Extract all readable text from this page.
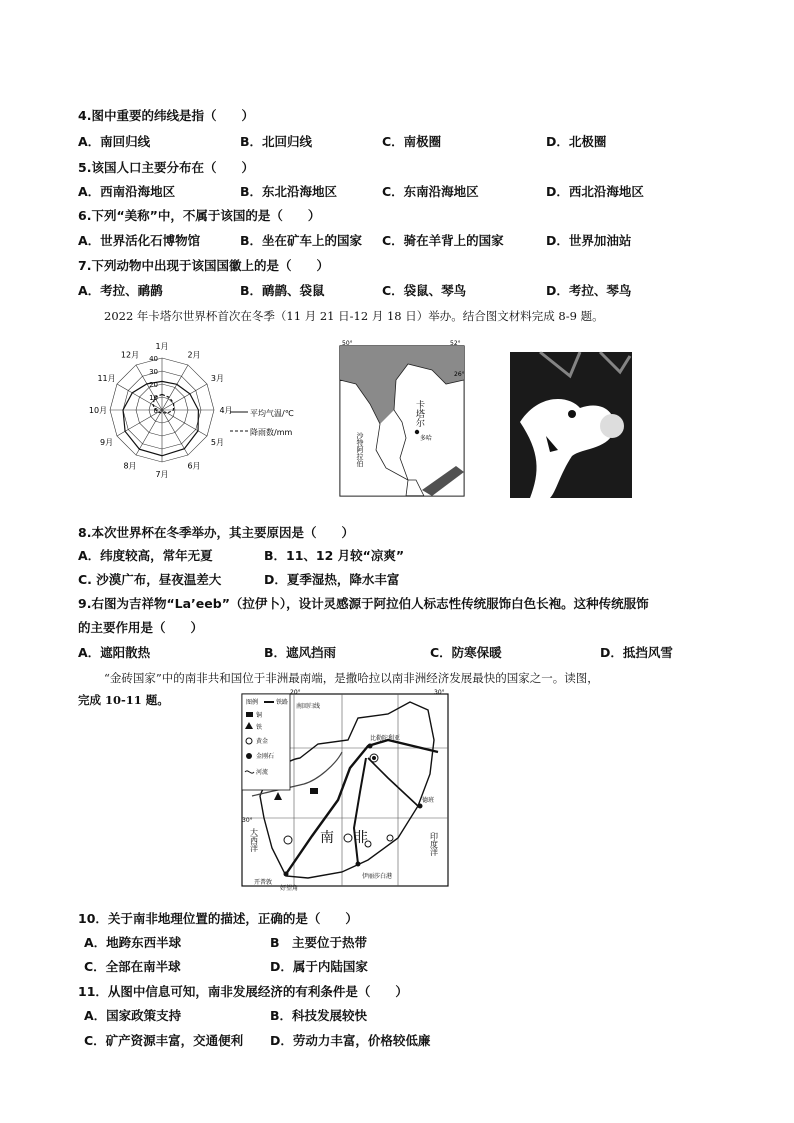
4.图中重要的纬线是指（　　）
A．南回归线	B．北回归线	C．南极圈	D．北极圈
5.该国人口主要分布在（　　）
A．西南沿海地区	B．东北沿海地区	C．东南沿海地区	D．西北沿海地区
6.下列“美称”中，不属于该国的是（　　）
A．世界活化石博物馆	B．坐在矿车上的国家 C．骑在羊背上的国家	D．世界加油站
7.下列动物中出现于该国国徽上的是（　　）
A．考拉、鸸鹋	B．鸸鹋、袋鼠	C．袋鼠、琴鸟	D．考拉、琴鸟
2022 年卡塔尔世界杯首次在冬季（11 月 21 日-12 月 18 日）举办。结合图文材料完成 8-9 题。
1月
2月
3月
4月
5月
6月
7月
8月
9月
10月
11月
12月 40
30
20
10
0	平均气温/℃
降雨数/mm
50°	52°
26°
卡塔尔
沙特阿拉伯	多哈
8.本次世界杯在冬季举办，其主要原因是（　　）
A．纬度较高，常年无夏	B．11、12 月较“凉爽”
C. 沙漠广布，昼夜温差大	D．夏季湿热，降水丰富
9.右图为吉祥物“La’eeb”（拉伊卜），设计灵感源于阿拉伯人标志性传统服饰白色长袍。这种传统服饰
的主要作用是（　　）
A．遮阳散热	B．遮风挡雨	C．防寒保暖	D．抵挡风雪
“金砖国家”中的南非共和国位于非洲最南端，是撒哈拉以南非洲经济发展最快的国家之一。读图，
完成 10-11 题。	图例	铁路
铜
铁
黄金
金刚石
河流
20°	30°
30°
南回归线
比勒陀利亚
德班
开普敦
好望角
伊丽莎白港
大西洋	印度洋
南 非
10．关于南非地理位置的描述，正确的是（　　）
A．地跨东西半球	B　主要位于热带
C．全部在南半球	D．属于内陆国家
11．从图中信息可知，南非发展经济的有利条件是（　　）
A．国家政策支持	B．科技发展较快
C．矿产资源丰富，交通便利 D．劳动力丰富，价格较低廉
